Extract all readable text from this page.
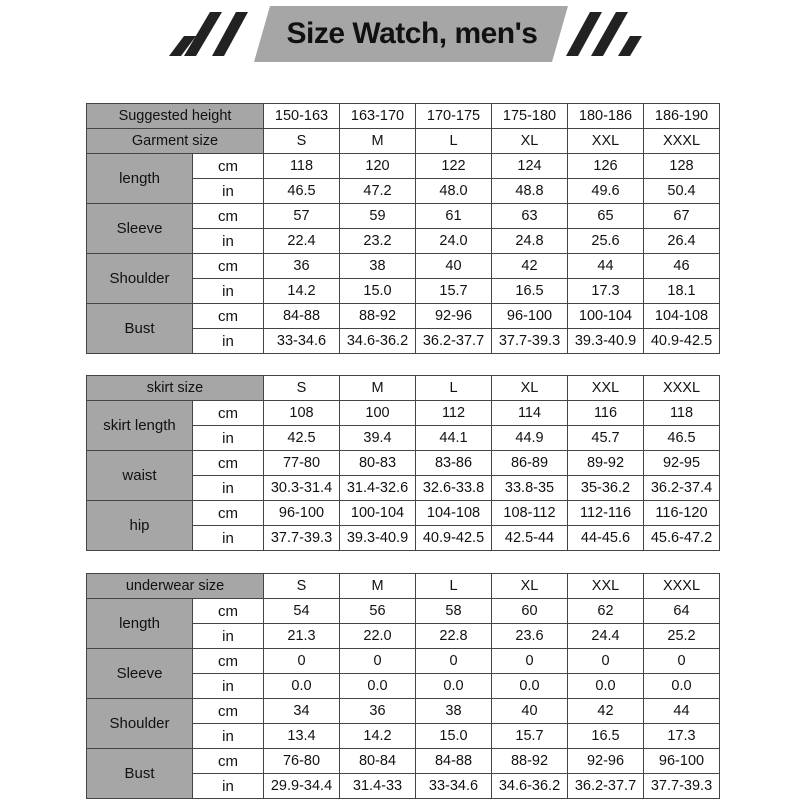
Size Watch, men's
Suggested height		150-163	163-170	170-175	175-180	180-186	186-190
Garment size		S	M	L	XL	XXL	XXXL
length	cm	118	120	122	124	126	128
	in	46.5	47.2	48.0	48.8	49.6	50.4
Sleeve	cm	57	59	61	63	65	67
	in	22.4	23.2	24.0	24.8	25.6	26.4
Shoulder	cm	36	38	40	42	44	46
	in	14.2	15.0	15.7	16.5	17.3	18.1
Bust	cm	84-88	88-92	92-96	96-100	100-104	104-108
	in	33-34.6	34.6-36.2	36.2-37.7	37.7-39.3	39.3-40.9	40.9-42.5
skirt size		S	M	L	XL	XXL	XXXL
skirt length	cm	108	100	112	114	116	118
	in	42.5	39.4	44.1	44.9	45.7	46.5
waist	cm	77-80	80-83	83-86	86-89	89-92	92-95
	in	30.3-31.4	31.4-32.6	32.6-33.8	33.8-35	35-36.2	36.2-37.4
hip	cm	96-100	100-104	104-108	108-112	112-116	116-120
	in	37.7-39.3	39.3-40.9	40.9-42.5	42.5-44	44-45.6	45.6-47.2
underwear size		S	M	L	XL	XXL	XXXL
length	cm	54	56	58	60	62	64
	in	21.3	22.0	22.8	23.6	24.4	25.2
Sleeve	cm	0	0	0	0	0	0
	in	0.0	0.0	0.0	0.0	0.0	0.0
Shoulder	cm	34	36	38	40	42	44
	in	13.4	14.2	15.0	15.7	16.5	17.3
Bust	cm	76-80	80-84	84-88	88-92	92-96	96-100
	in	29.9-34.4	31.4-33	33-34.6	34.6-36.2	36.2-37.7	37.7-39.3
